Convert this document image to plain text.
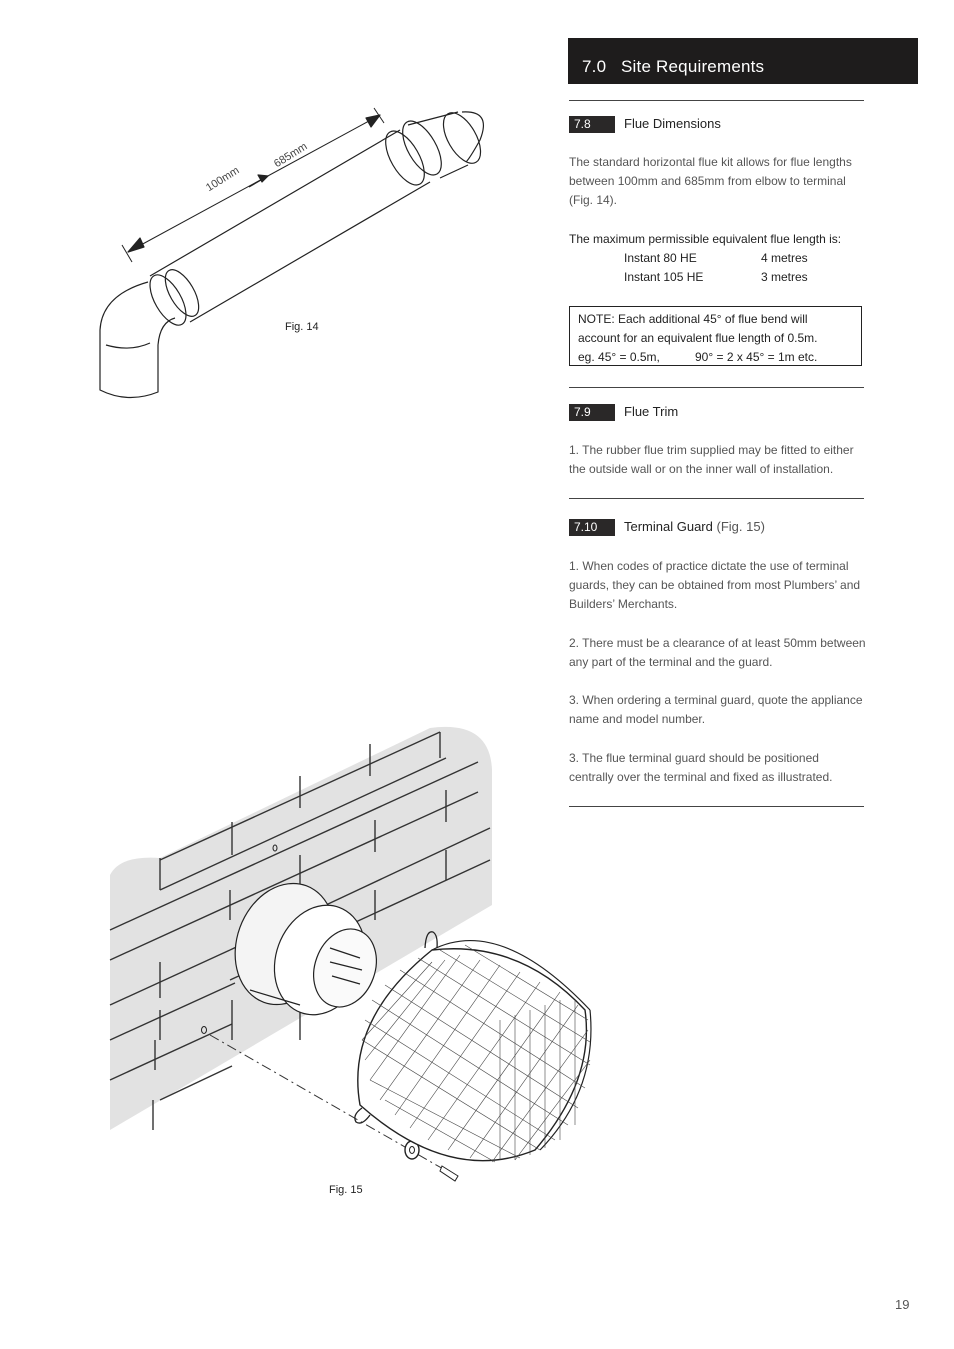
100mm
685mm
Fig. 14
Fig. 15
7.0 Site Requirements
7.8	Flue Dimensions
The standard horizontal flue kit allows for flue lengths between 100mm and 685mm from elbow to terminal (Fig. 14).
The maximum permissible equivalent flue length is:
Instant 80 HE	4 metres
Instant 105 HE	3 metres
NOTE: Each additional 45° of flue bend will
account for an equivalent flue length of 0.5m.
eg. 45° = 0.5m,	90° = 2 x 45° = 1m etc.
7.9	Flue Trim
1. The rubber flue trim supplied may be fitted to either the outside wall or on the inner wall of installation.
7.10	Terminal Guard (Fig. 15)
1. When codes of practice dictate the use of terminal guards, they can be obtained from most Plumbers’ and Builders’ Merchants.
2. There must be a clearance of at least 50mm between any part of the terminal and the guard.
3. When ordering a terminal guard, quote the appliance name and model number.
3. The flue terminal guard should be positioned centrally over the terminal and fixed as illustrated.
19
